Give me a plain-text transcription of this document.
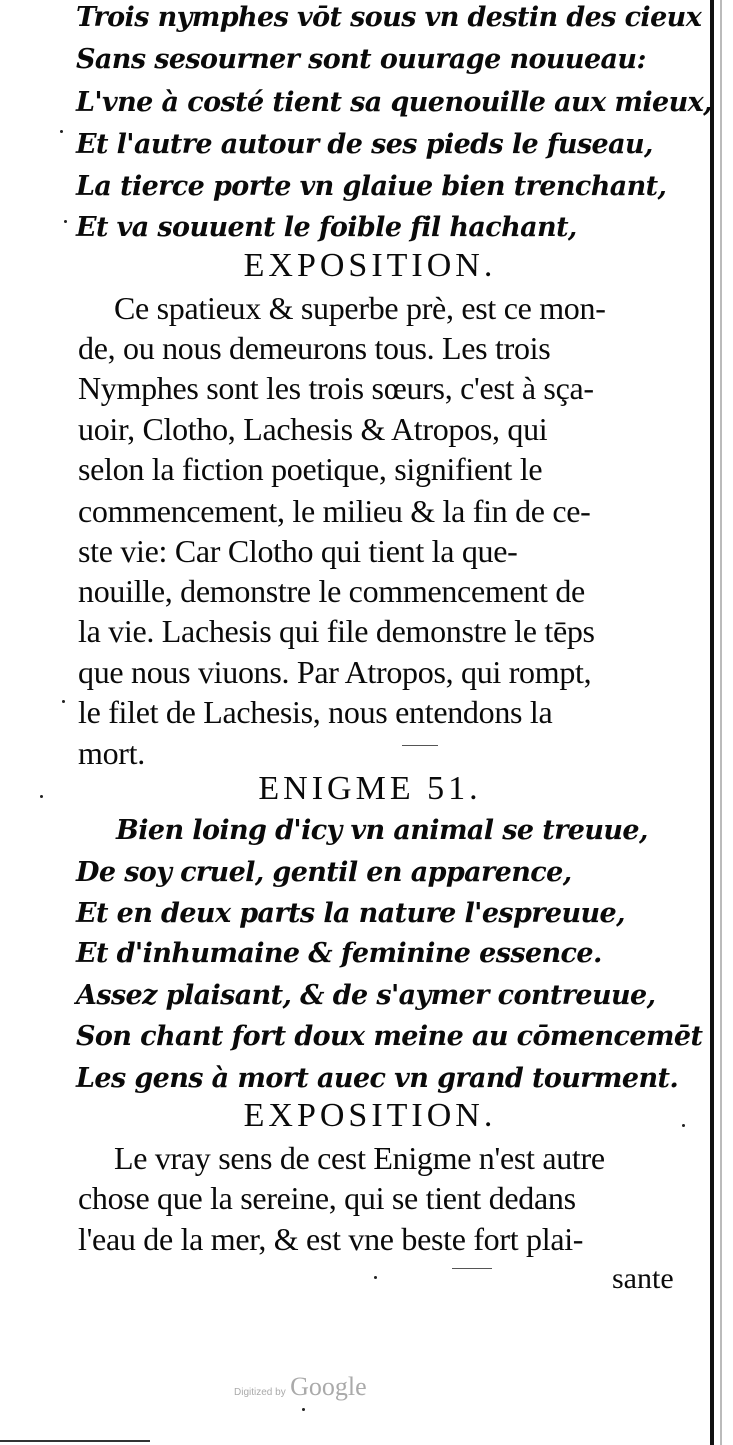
Trois nymphes vōt sous vn destin des cieux
Sans sesourner sont ouurage nouueau:
L'vne à costé tient sa quenouille aux mieux,
Et l'autre autour de ses pieds le fuseau,
La tierce porte vn glaiue bien trenchant,
Et va souuent le foible fil hachant,
EXPOSITION.
Ce spatieux & superbe prè, est ce mon-
de, ou nous demeurons tous. Les trois
Nymphes sont les trois sœurs, c'est à sça-
uoir, Clotho, Lachesis & Atropos, qui
selon la fiction poetique, signifient le
commencement, le milieu & la fin de ce-
ste vie: Car Clotho qui tient la que-
nouille, demonstre le commencement de
la vie. Lachesis qui file demonstre le tēps
que nous viuons. Par Atropos, qui rompt,
le filet de Lachesis, nous entendons la
mort.
ENIGME 51.
Bien loing d'icy vn animal se treuue,
De soy cruel, gentil en apparence,
Et en deux parts la nature l'espreuue,
Et d'inhumaine & feminine essence.
Assez plaisant, & de s'aymer contreuue,
Son chant fort doux meine au cōmencemēt
Les gens à mort auec vn grand tourment.
EXPOSITION.
Le vray sens de cest Enigme n'est autre
chose que la sereine, qui se tient dedans
l'eau de la mer, & est vne beste fort plai-
sante
Digitized by Google
